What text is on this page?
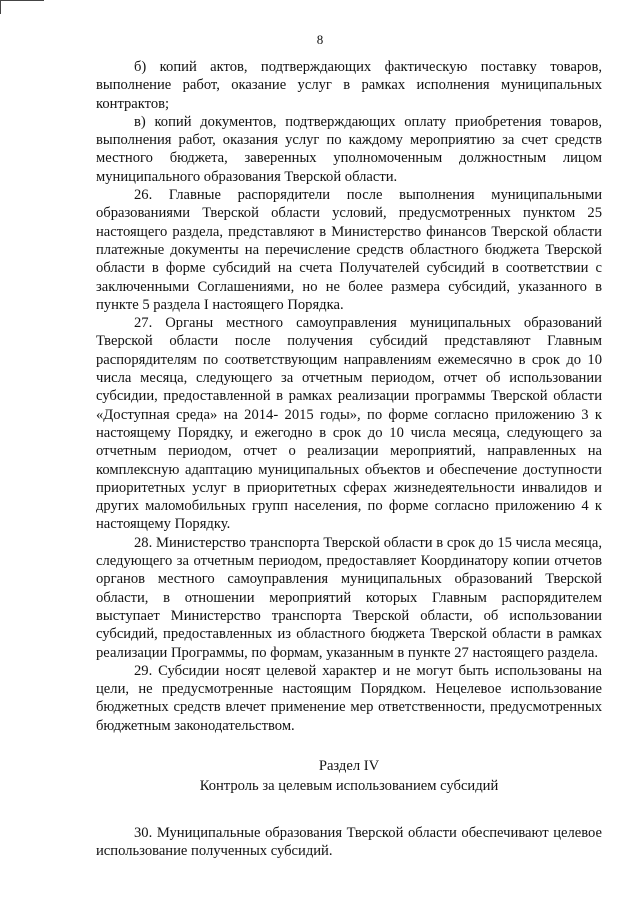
8

б) копий актов, подтверждающих фактическую поставку товаров, выполнение работ, оказание услуг в рамках исполнения муниципальных контрактов;

в) копий документов, подтверждающих оплату приобретения товаров, выполнения работ, оказания услуг по каждому мероприятию за счет средств местного бюджета, заверенных уполномоченным должностным лицом муниципального образования Тверской области.

26. Главные распорядители после выполнения муниципальными образованиями Тверской области условий, предусмотренных пунктом 25 настоящего раздела, представляют в Министерство финансов Тверской области платежные документы на перечисление средств областного бюджета Тверской области в форме субсидий на счета Получателей субсидий в соответствии с заключенными Соглашениями, но не более размера субсидий, указанного в пункте 5 раздела I настоящего Порядка.

27. Органы местного самоуправления муниципальных образований Тверской области после получения субсидий представляют Главным распорядителям по соответствующим направлениям ежемесячно в срок до 10 числа месяца, следующего за отчетным периодом, отчет об использовании субсидии, предоставленной в рамках реализации программы Тверской области «Доступная среда» на 2014- 2015 годы», по форме согласно приложению 3 к настоящему Порядку, и ежегодно в срок до 10 числа месяца, следующего за отчетным периодом, отчет о реализации мероприятий, направленных на комплексную адаптацию муниципальных объектов и обеспечение доступности приоритетных услуг в приоритетных сферах жизнедеятельности инвалидов и других маломобильных групп населения, по форме согласно приложению 4 к настоящему Порядку.

28. Министерство транспорта Тверской области в срок до 15 числа месяца, следующего за отчетным периодом, предоставляет Координатору копии отчетов органов местного самоуправления муниципальных образований Тверской области, в отношении мероприятий которых Главным распорядителем выступает Министерство транспорта Тверской области, об использовании субсидий, предоставленных из областного бюджета Тверской области в рамках реализации Программы, по формам, указанным в пункте 27 настоящего раздела.

29. Субсидии носят целевой характер и не могут быть использованы на цели, не предусмотренные настоящим Порядком. Нецелевое использование бюджетных средств влечет применение мер ответственности, предусмотренных бюджетным законодательством.

Раздел IV
Контроль за целевым использованием субсидий

30. Муниципальные образования Тверской области обеспечивают целевое использование полученных субсидий.
